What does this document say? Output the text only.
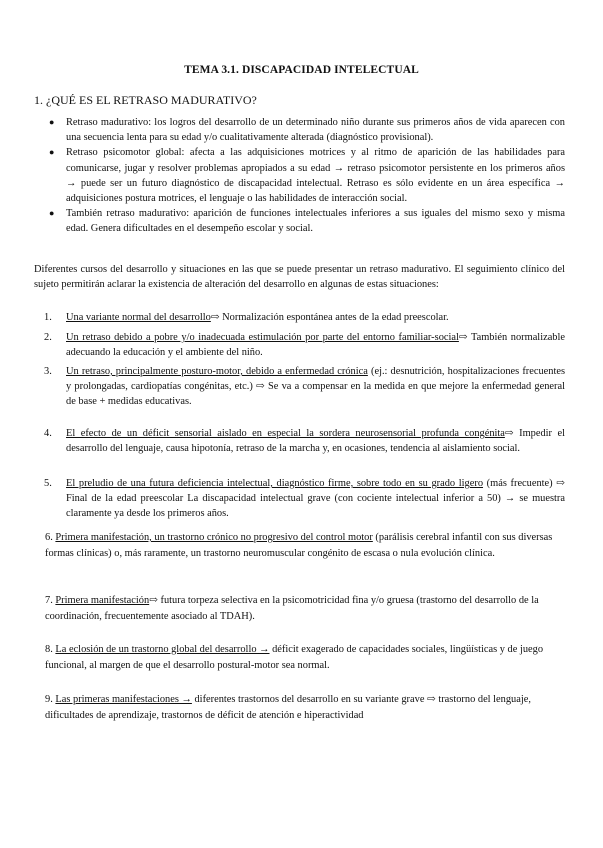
TEMA 3.1. DISCAPACIDAD INTELECTUAL
1. ¿QUÉ ES EL RETRASO MADURATIVO?
● Retraso madurativo: los logros del desarrollo de un determinado niño durante sus primeros años de vida aparecen con una secuencia lenta para su edad y/o cualitativamente alterada (diagnóstico provisional).
● Retraso psicomotor global: afecta a las adquisiciones motrices y al ritmo de aparición de las habilidades para comunicarse, jugar y resolver problemas apropiados a su edad → retraso psicomotor persistente en los primeros años → puede ser un futuro diagnóstico de discapacidad intelectual. Retraso es sólo evidente en un área específica → adquisiciones postura motrices, el lenguaje o las habilidades de interacción social.
● También retraso madurativo: aparición de funciones intelectuales inferiores a sus iguales del mismo sexo y misma edad. Genera dificultades en el desempeño escolar y social.
Diferentes cursos del desarrollo y situaciones en las que se puede presentar un retraso madurativo. El seguimiento clínico del sujeto permitirán aclarar la existencia de alteración del desarrollo en algunas de estas situaciones:
1. Una variante normal del desarrollo⇨ Normalización espontánea antes de la edad preescolar.
2. Un retraso debido a pobre y/o inadecuada estimulación por parte del entorno familiar-social⇨ También normalizable adecuando la educación y el ambiente del niño.
3. Un retraso, principalmente posturo-motor, debido a enfermedad crónica (ej.: desnutrición, hospitalizaciones frecuentes y prolongadas, cardiopatías congénitas, etc.) ⇨ Se va a compensar en la medida en que mejore la enfermedad general de base + medidas educativas.
4. El efecto de un déficit sensorial aislado en especial la sordera neurosensorial profunda congénita⇨ Impedir el desarrollo del lenguaje, causa hipotonía, retraso de la marcha y, en ocasiones, tendencia al aislamiento social.
5. El preludio de una futura deficiencia intelectual, diagnóstico firme, sobre todo en su grado ligero (más frecuente) ⇨ Final de la edad preescolar La discapacidad intelectual grave (con cociente intelectual inferior a 50) → se muestra claramente ya desde los primeros años.
6. Primera manifestación, un trastorno crónico no progresivo del control motor (parálisis cerebral infantil con sus diversas formas clínicas) o, más raramente, un trastorno neuromuscular congénito de escasa o nula evolución clínica.
7. Primera manifestación⇨ futura torpeza selectiva en la psicomotricidad fina y/o gruesa (trastorno del desarrollo de la coordinación, frecuentemente asociado al TDAH).
8. La eclosión de un trastorno global del desarrollo → déficit exagerado de capacidades sociales, lingüísticas y de juego funcional, al margen de que el desarrollo postural-motor sea normal.
9. Las primeras manifestaciones → diferentes trastornos del desarrollo en su variante grave ⇨ trastorno del lenguaje, dificultades de aprendizaje, trastornos de déficit de atención e hiperactividad
